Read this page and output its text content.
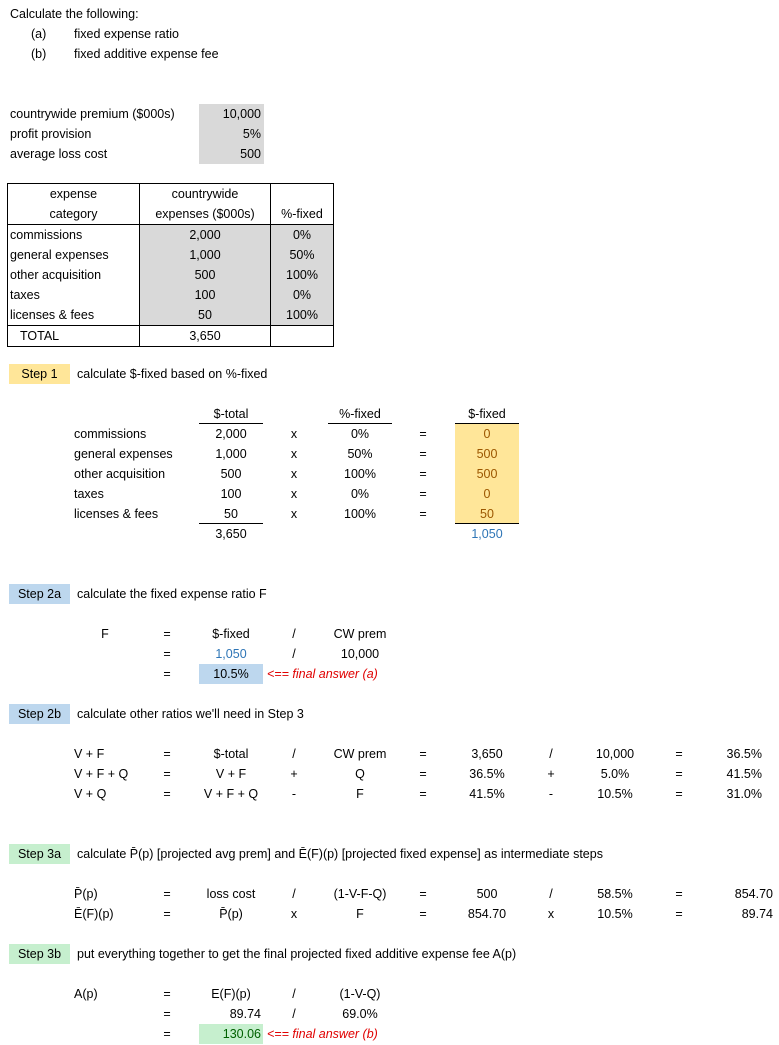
Calculate the following:
(a) fixed expense ratio
(b) fixed additive expense fee
countrywide premium ($000s)	10,000
profit provision	5%
average loss cost	500
expense	countrywide	
category	expenses ($000s)	%-fixed
commissions	2,000	0%
general expenses	1,000	50%
other acquisition	500	100%
taxes	100	0%
licenses & fees	50	100%
TOTAL	3,650	
Step 1	calculate $-fixed based on %-fixed
$-total	%-fixed	$-fixed
commissions	2,000	x	0%	=	0
general expenses	1,000	x	50%	=	500
other acquisition	500	x	100%	=	500
taxes	100	x	0%	=	0
licenses & fees	50	x	100%	=	50
3,650	1,050
Step 2a	calculate the fixed expense ratio F
F	=	$-fixed	/	CW prem
=	1,050	/	10,000
=	10.5%	<== final answer (a)
Step 2b	calculate other ratios we'll need in Step 3
V + F	=	$-total	/	CW prem	=	3,650	/	10,000	=	36.5%
V + F + Q	=	V + F	+	Q	=	36.5%	+	5.0%	=	41.5%
V + Q	=	V + F + Q	-	F	=	41.5%	-	10.5%	=	31.0%
Step 3a	calculate P̄(p) [projected avg prem] and Ē(F)(p) [projected fixed expense] as intermediate steps
P̄(p)	=	loss cost	/	(1-V-F-Q)	=	500	/	58.5%	=	854.70
Ē(F)(p)	=	P̄(p)	x	F	=	854.70	x	10.5%	=	89.74
Step 3b	put everything together to get the final projected fixed additive expense fee A(p)
A(p)	=	E(F)(p)	/	(1-V-Q)
=	89.74	/	69.0%
=	130.06 <== final answer (b)
